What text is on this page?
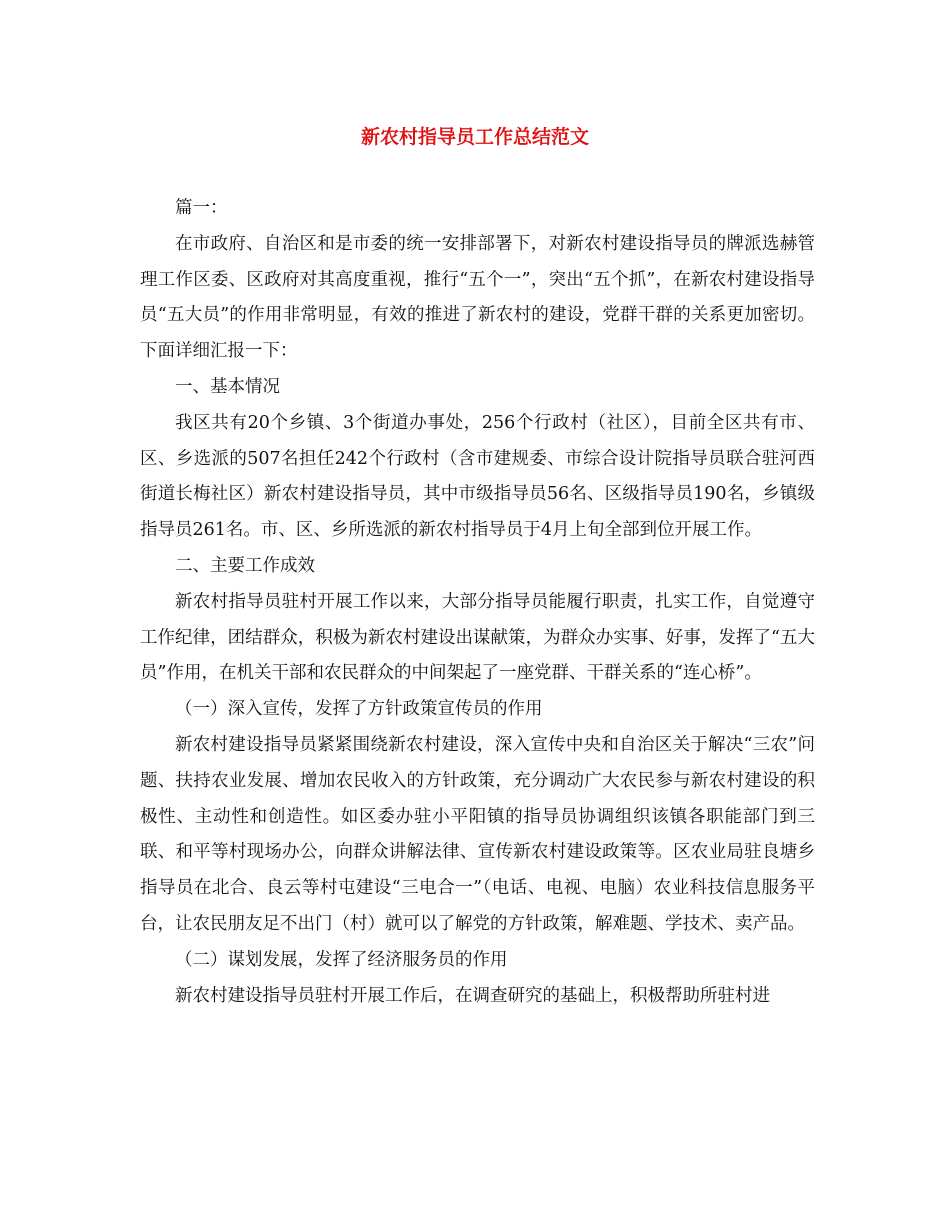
新农村指导员工作总结范文

篇一：

在市政府、自治区和是市委的统一安排部署下，对新农村建设指导员的牌派选赫管理工作区委、区政府对其高度重视，推行“五个一”，突出“五个抓”，在新农村建设指导员“五大员”的作用非常明显，有效的推进了新农村的建设，党群干群的关系更加密切。下面详细汇报一下：

一、基本情况

我区共有20个乡镇、3个街道办事处，256个行政村（社区），目前全区共有市、区、乡选派的507名担任242个行政村（含市建规委、市综合设计院指导员联合驻河西街道长梅社区）新农村建设指导员，其中市级指导员56名、区级指导员190名，乡镇级指导员261名。市、区、乡所选派的新农村指导员于4月上旬全部到位开展工作。

二、主要工作成效

新农村指导员驻村开展工作以来，大部分指导员能履行职责，扎实工作，自觉遵守工作纪律，团结群众，积极为新农村建设出谋献策，为群众办实事、好事，发挥了“五大员”作用，在机关干部和农民群众的中间架起了一座党群、干群关系的“连心桥”。

（一）深入宣传，发挥了方针政策宣传员的作用

新农村建设指导员紧紧围绕新农村建设，深入宣传中央和自治区关于解决“三农”问题、扶持农业发展、增加农民收入的方针政策，充分调动广大农民参与新农村建设的积极性、主动性和创造性。如区委办驻小平阳镇的指导员协调组织该镇各职能部门到三联、和平等村现场办公，向群众讲解法律、宣传新农村建设政策等。区农业局驻良塘乡指导员在北合、良云等村屯建设“三电合一”（电话、电视、电脑）农业科技信息服务平台，让农民朋友足不出门（村）就可以了解党的方针政策，解难题、学技术、卖产品。

（二）谋划发展，发挥了经济服务员的作用

新农村建设指导员驻村开展工作后，在调查研究的基础上，积极帮助所驻村进
